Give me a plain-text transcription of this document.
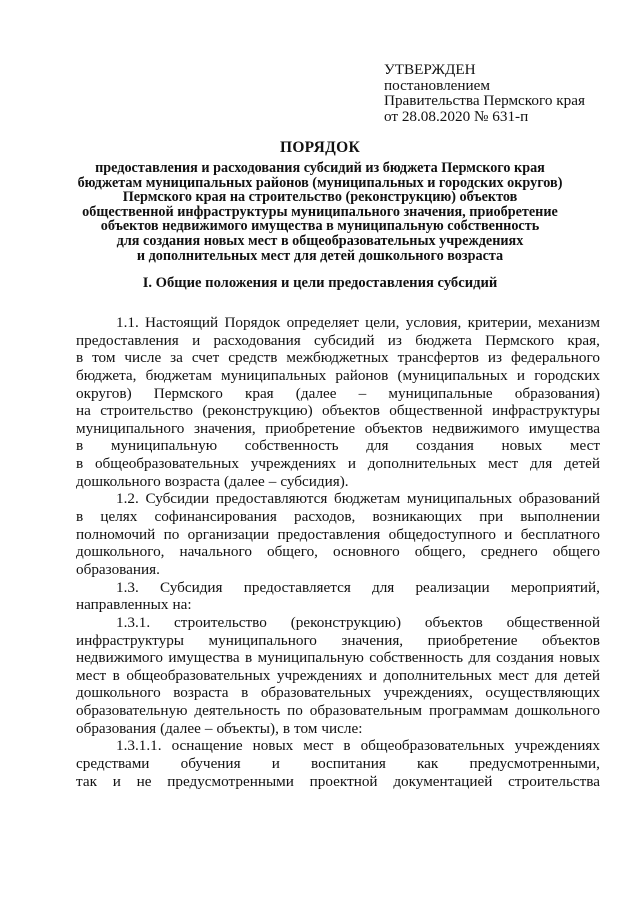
УТВЕРЖДЕН
постановлением
Правительства Пермского края
от 28.08.2020 № 631-п
ПОРЯДОК
предоставления и расходования субсидий из бюджета Пермского края
бюджетам муниципальных районов (муниципальных и городских округов)
Пермского края на строительство (реконструкцию) объектов
общественной инфраструктуры муниципального значения, приобретение
объектов недвижимого имущества в муниципальную собственность
для создания новых мест в общеобразовательных учреждениях
и дополнительных мест для детей дошкольного возраста
I. Общие положения и цели предоставления субсидий
1.1. Настоящий Порядок определяет цели, условия, критерии, механизм
предоставления и расходования субсидий из бюджета Пермского края,
в том числе за счет средств межбюджетных трансфертов из федерального
бюджета, бюджетам муниципальных районов (муниципальных и городских
округов) Пермского края (далее – муниципальные образования)
на строительство (реконструкцию) объектов общественной инфраструктуры
муниципального значения, приобретение объектов недвижимого имущества
в муниципальную собственность для создания новых мест
в общеобразовательных учреждениях и дополнительных мест для детей
дошкольного возраста (далее – субсидия).
1.2. Субсидии предоставляются бюджетам муниципальных образований
в целях софинансирования расходов, возникающих при выполнении
полномочий по организации предоставления общедоступного и бесплатного
дошкольного, начального общего, основного общего, среднего общего
образования.
1.3. Субсидия предоставляется для реализации мероприятий,
направленных на:
1.3.1. строительство (реконструкцию) объектов общественной
инфраструктуры муниципального значения, приобретение объектов
недвижимого имущества в муниципальную собственность для создания новых
мест в общеобразовательных учреждениях и дополнительных мест для детей
дошкольного возраста в образовательных учреждениях, осуществляющих
образовательную деятельность по образовательным программам дошкольного
образования (далее – объекты), в том числе:
1.3.1.1. оснащение новых мест в общеобразовательных учреждениях
средствами обучения и воспитания как предусмотренными,
так и не предусмотренными проектной документацией строительства
